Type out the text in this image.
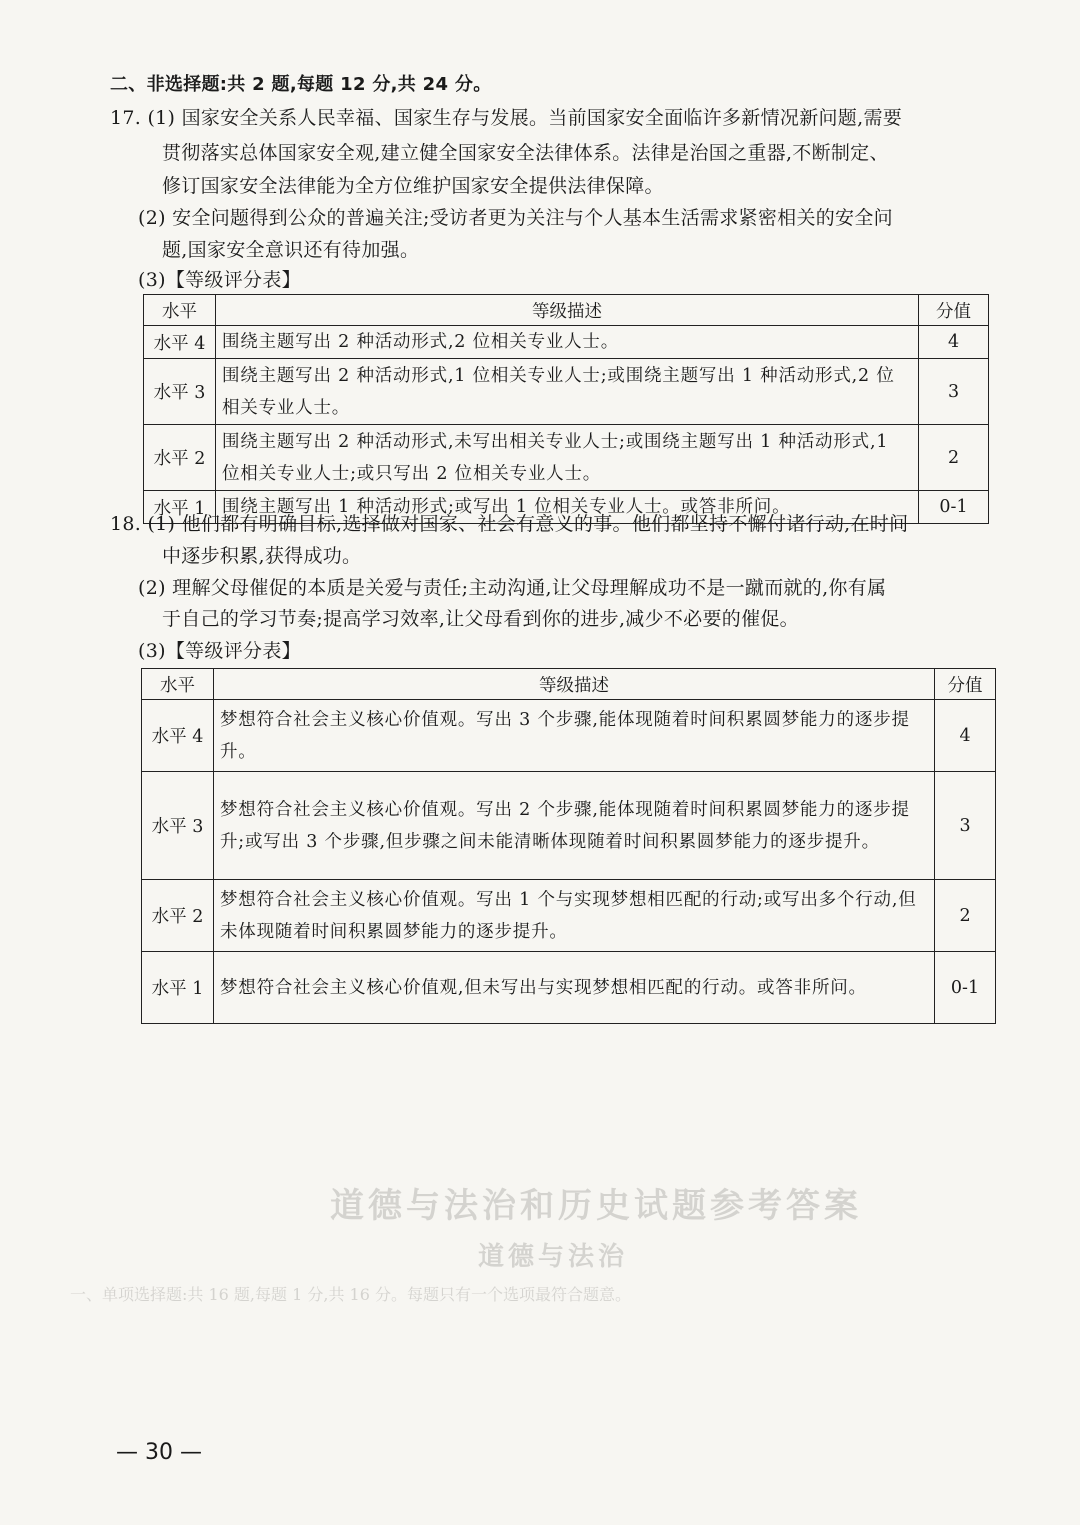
道德与法治和历史试题参考答案
道德与法治
一、单项选择题:共 16 题,每题 1 分,共 16 分。每题只有一个选项最符合题意。
二、非选择题:共 2 题,每题 12 分,共 24 分。
17. (1) 国家安全关系人民幸福、国家生存与发展。当前国家安全面临许多新情况新问题,需要
贯彻落实总体国家安全观,建立健全国家安全法律体系。法律是治国之重器,不断制定、
修订国家安全法律能为全方位维护国家安全提供法律保障。
(2) 安全问题得到公众的普遍关注;受访者更为关注与个人基本生活需求紧密相关的安全问
题,国家安全意识还有待加强。
(3)【等级评分表】
水平	等级描述	分值
水平 4	围绕主题写出 2 种活动形式,2 位相关专业人士。	4
水平 3	围绕主题写出 2 种活动形式,1 位相关专业人士;或围绕主题写出 1 种活动形式,2 位相关专业人士。	3
水平 2	围绕主题写出 2 种活动形式,未写出相关专业人士;或围绕主题写出 1 种活动形式,1 位相关专业人士;或只写出 2 位相关专业人士。	2
水平 1	围绕主题写出 1 种活动形式;或写出 1 位相关专业人士。或答非所问。	0-1
18. (1) 他们都有明确目标,选择做对国家、社会有意义的事。他们都坚持不懈付诸行动,在时间
中逐步积累,获得成功。
(2) 理解父母催促的本质是关爱与责任;主动沟通,让父母理解成功不是一蹴而就的,你有属
于自己的学习节奏;提高学习效率,让父母看到你的进步,减少不必要的催促。
(3)【等级评分表】
水平	等级描述	分值
水平 4	梦想符合社会主义核心价值观。写出 3 个步骤,能体现随着时间积累圆梦能力的逐步提升。	4
水平 3	梦想符合社会主义核心价值观。写出 2 个步骤,能体现随着时间积累圆梦能力的逐步提升;或写出 3 个步骤,但步骤之间未能清晰体现随着时间积累圆梦能力的逐步提升。	3
水平 2	梦想符合社会主义核心价值观。写出 1 个与实现梦想相匹配的行动;或写出多个行动,但未体现随着时间积累圆梦能力的逐步提升。	2
水平 1	梦想符合社会主义核心价值观,但未写出与实现梦想相匹配的行动。或答非所问。	0-1
— 30 —
